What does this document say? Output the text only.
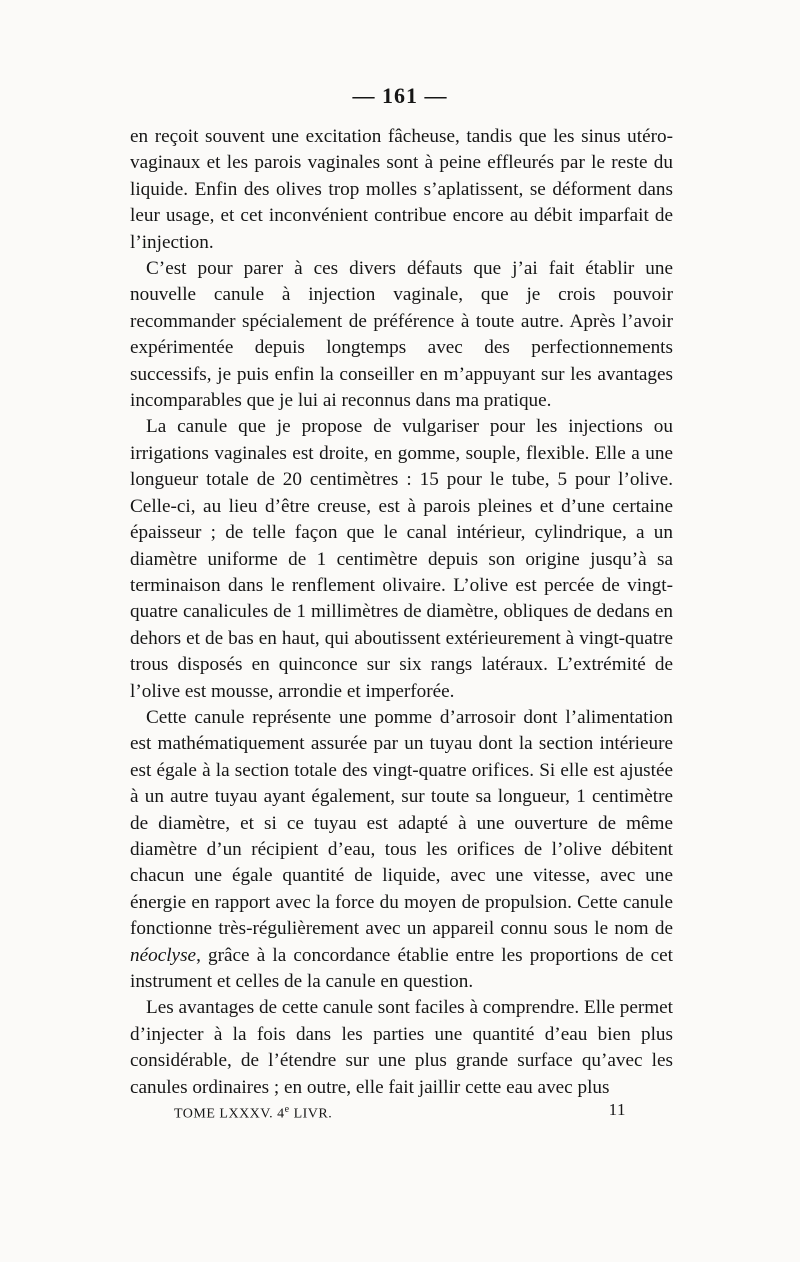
— 161 —

en reçoit souvent une excitation fâcheuse, tandis que les sinus utéro-vaginaux et les parois vaginales sont à peine effleurés par le reste du liquide. Enfin des olives trop molles s’aplatissent, se déforment dans leur usage, et cet inconvénient contribue encore au débit imparfait de l’injection.

C’est pour parer à ces divers défauts que j’ai fait établir une nouvelle canule à injection vaginale, que je crois pouvoir recommander spécialement de préférence à toute autre. Après l’avoir expérimentée depuis longtemps avec des perfectionnements successifs, je puis enfin la conseiller en m’appuyant sur les avantages incomparables que je lui ai reconnus dans ma pratique.

La canule que je propose de vulgariser pour les injections ou irrigations vaginales est droite, en gomme, souple, flexible. Elle a une longueur totale de 20 centimètres : 15 pour le tube, 5 pour l’olive. Celle-ci, au lieu d’être creuse, est à parois pleines et d’une certaine épaisseur ; de telle façon que le canal intérieur, cylindrique, a un diamètre uniforme de 1 centimètre depuis son origine jusqu’à sa terminaison dans le renflement olivaire. L’olive est percée de vingt-quatre canalicules de 1 millimètres de diamètre, obliques de dedans en dehors et de bas en haut, qui aboutissent extérieurement à vingt-quatre trous disposés en quinconce sur six rangs latéraux. L’extrémité de l’olive est mousse, arrondie et imperforée.

Cette canule représente une pomme d’arrosoir dont l’alimentation est mathématiquement assurée par un tuyau dont la section intérieure est égale à la section totale des vingt-quatre orifices. Si elle est ajustée à un autre tuyau ayant également, sur toute sa longueur, 1 centimètre de diamètre, et si ce tuyau est adapté à une ouverture de même diamètre d’un récipient d’eau, tous les orifices de l’olive débitent chacun une égale quantité de liquide, avec une vitesse, avec une énergie en rapport avec la force du moyen de propulsion. Cette canule fonctionne très-régulièrement avec un appareil connu sous le nom de néoclyse, grâce à la concordance établie entre les proportions de cet instrument et celles de la canule en question.

Les avantages de cette canule sont faciles à comprendre. Elle permet d’injecter à la fois dans les parties une quantité d’eau bien plus considérable, de l’étendre sur une plus grande surface qu’avec les canules ordinaires ; en outre, elle fait jaillir cette eau avec plus

TOME LXXXV. 4e LIVR.	11
